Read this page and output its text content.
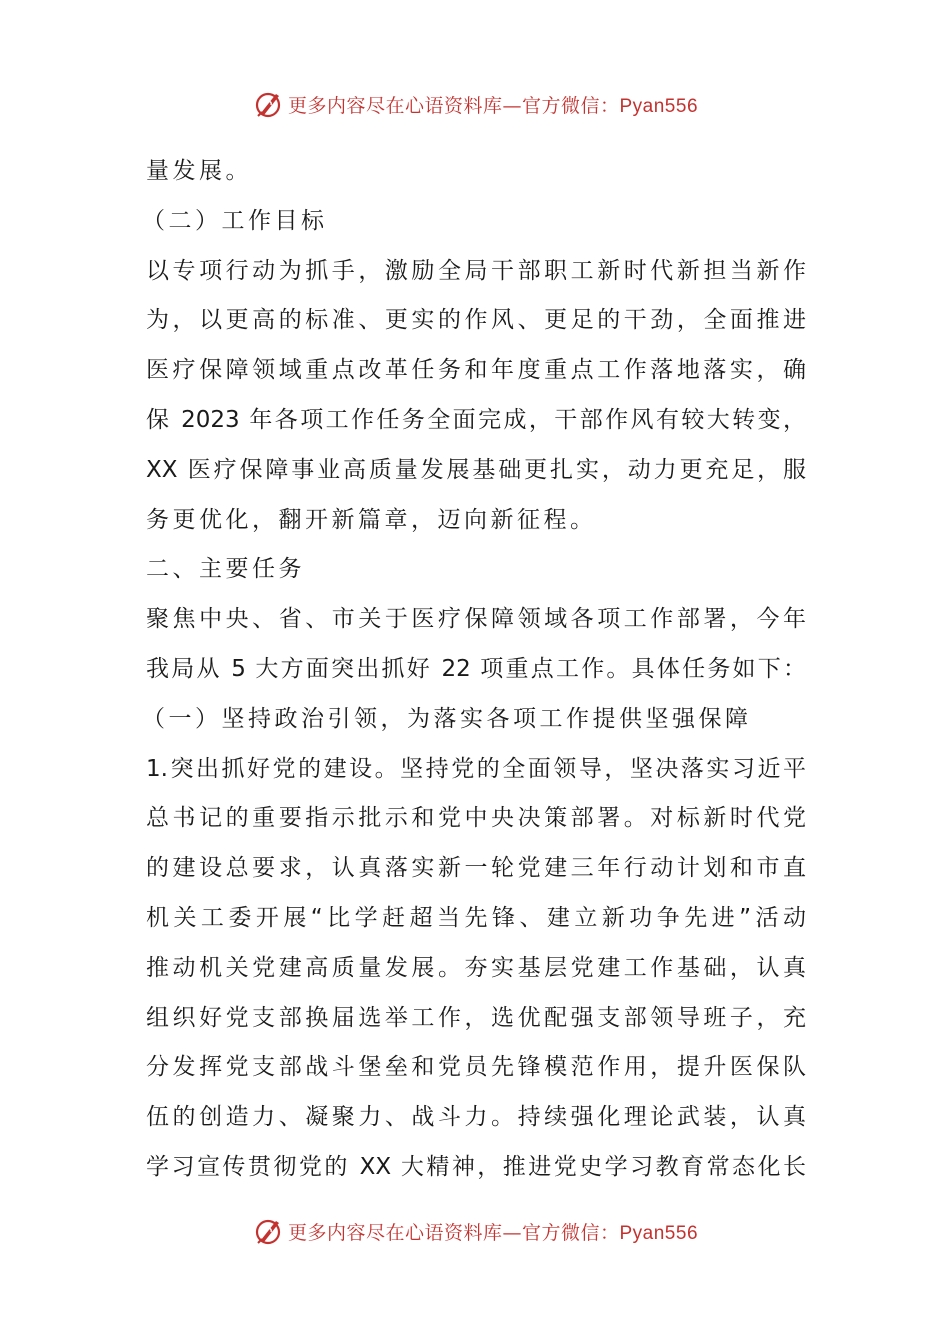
更多内容尽在心语资料库—官方微信：Pyan556
量发展。
（二）工作目标
以专项行动为抓手，激励全局干部职工新时代新担当新作
为，以更高的标准、更实的作风、更足的干劲，全面推进
医疗保障领域重点改革任务和年度重点工作落地落实，确
保 2023 年各项工作任务全面完成，干部作风有较大转变，
XX 医疗保障事业高质量发展基础更扎实，动力更充足，服
务更优化，翻开新篇章，迈向新征程。
二、主要任务
聚焦中央、省、市关于医疗保障领域各项工作部署，今年
我局从 5 大方面突出抓好 22 项重点工作。具体任务如下：
（一）坚持政治引领，为落实各项工作提供坚强保障
1.突出抓好党的建设。坚持党的全面领导，坚决落实习近平
总书记的重要指示批示和党中央决策部署。对标新时代党
的建设总要求，认真落实新一轮党建三年行动计划和市直
机关工委开展“比学赶超当先锋、建立新功争先进”活动
推动机关党建高质量发展。夯实基层党建工作基础，认真
组织好党支部换届选举工作，选优配强支部领导班子，充
分发挥党支部战斗堡垒和党员先锋模范作用，提升医保队
伍的创造力、凝聚力、战斗力。持续强化理论武装，认真
学习宣传贯彻党的 XX 大精神，推进党史学习教育常态化长
更多内容尽在心语资料库—官方微信：Pyan556
